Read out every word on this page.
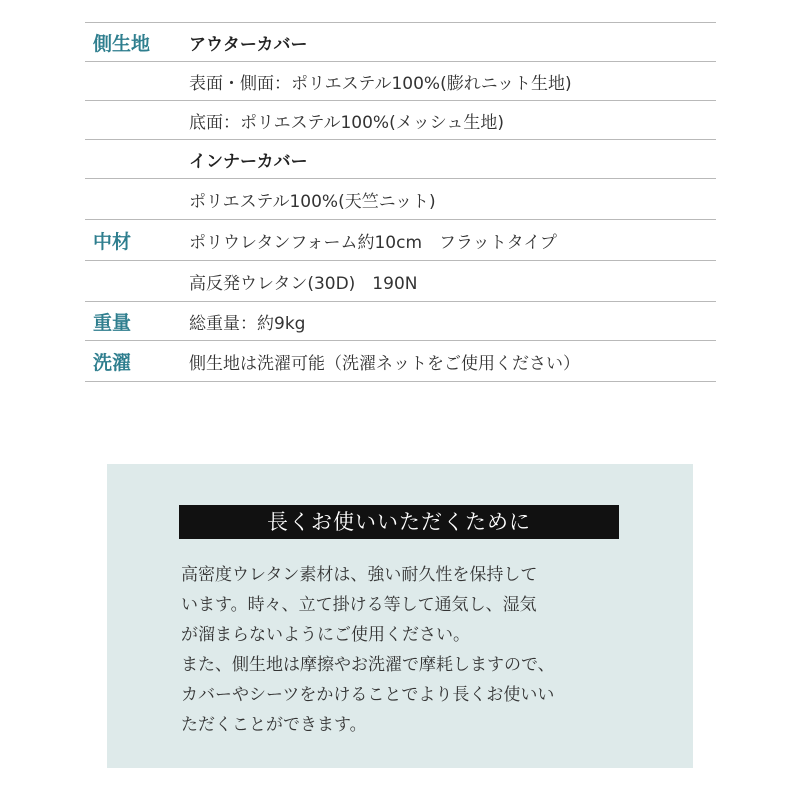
側生地	アウターカバー
表面・側面：ポリエステル100%(膨れニット生地)
底面：ポリエステル100%(メッシュ生地)
インナーカバー
ポリエステル100%(天竺ニット)
中材	ポリウレタンフォーム約10cm　フラットタイプ
高反発ウレタン(30D)　190N
重量	総重量：約9kg
洗濯	側生地は洗濯可能（洗濯ネットをご使用ください）
長くお使いいただくために
高密度ウレタン素材は、強い耐久性を保持して
います。時々、立て掛ける等して通気し、湿気
が溜まらないようにご使用ください。
また、側生地は摩擦やお洗濯で摩耗しますので、
カバーやシーツをかけることでより長くお使いい
ただくことができます。
